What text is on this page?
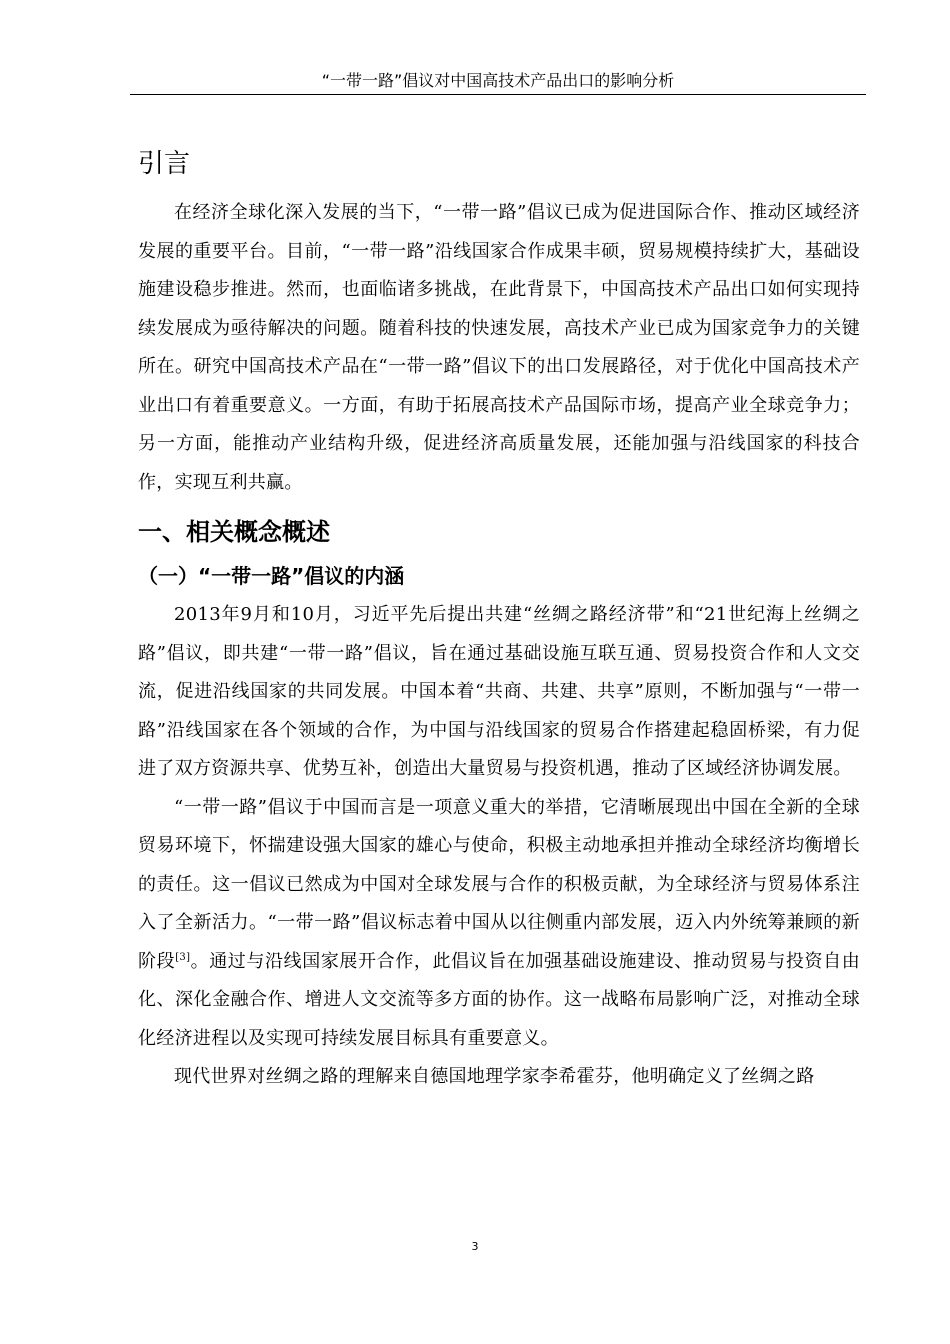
“一带一路”倡议对中国高技术产品出口的影响分析
引言

在经济全球化深入发展的当下，“一带一路”倡议已成为促进国际合作、推动区域经济发展的重要平台。目前，“一带一路”沿线国家合作成果丰硕，贸易规模持续扩大，基础设施建设稳步推进。然而，也面临诸多挑战，在此背景下，中国高技术产品出口如何实现持续发展成为亟待解决的问题。随着科技的快速发展，高技术产业已成为国家竞争力的关键所在。研究中国高技术产品在“一带一路”倡议下的出口发展路径，对于优化中国高技术产业出口有着重要意义。一方面，有助于拓展高技术产品国际市场，提高产业全球竞争力；另一方面，能推动产业结构升级，促进经济高质量发展，还能加强与沿线国家的科技合作，实现互利共赢。

一、相关概念概述
（一）“一带一路”倡议的内涵

2013年9月和10月，习近平先后提出共建“丝绸之路经济带”和“21世纪海上丝绸之路”倡议，即共建“一带一路”倡议，旨在通过基础设施互联互通、贸易投资合作和人文交流，促进沿线国家的共同发展。中国本着“共商、共建、共享”原则，不断加强与“一带一路”沿线国家在各个领域的合作，为中国与沿线国家的贸易合作搭建起稳固桥梁，有力促进了双方资源共享、优势互补，创造出大量贸易与投资机遇，推动了区域经济协调发展。

“一带一路”倡议于中国而言是一项意义重大的举措，它清晰展现出中国在全新的全球贸易环境下，怀揣建设强大国家的雄心与使命，积极主动地承担并推动全球经济均衡增长的责任。这一倡议已然成为中国对全球发展与合作的积极贡献，为全球经济与贸易体系注入了全新活力。“一带一路”倡议标志着中国从以往侧重内部发展，迈入内外统筹兼顾的新阶段[3]。通过与沿线国家展开合作，此倡议旨在加强基础设施建设、推动贸易与投资自由化、深化金融合作、增进人文交流等多方面的协作。这一战略布局影响广泛，对推动全球化经济进程以及实现可持续发展目标具有重要意义。

现代世界对丝绸之路的理解来自德国地理学家李希霍芬，他明确定义了丝绸之路

3
